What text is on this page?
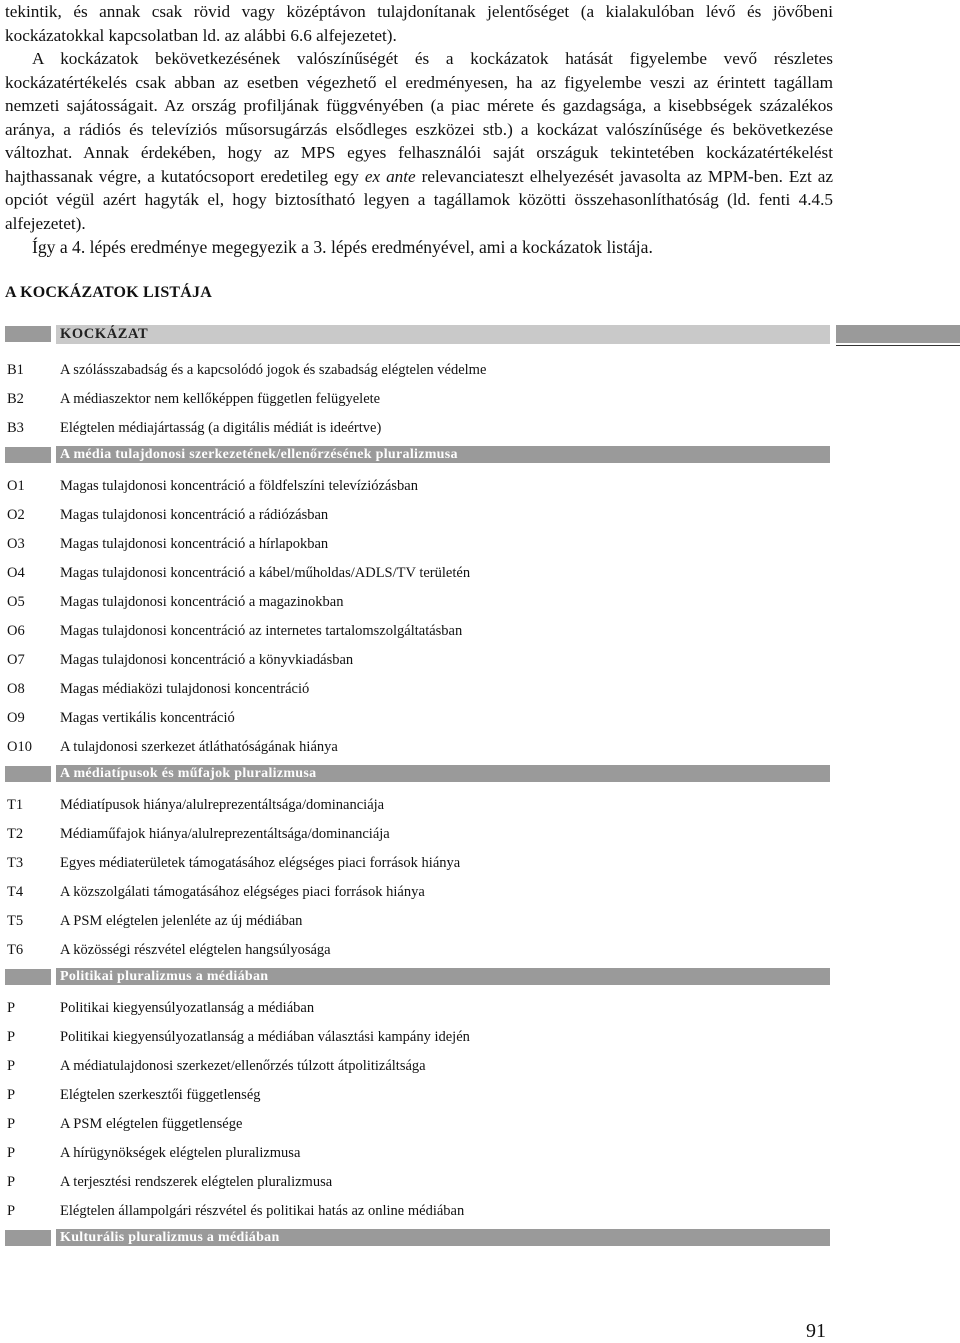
tekintik, és annak csak rövid vagy középtávon tulajdonítanak jelentőséget (a kialakulóban lévő és jövőbeni kockázatokkal kapcsolatban ld. az alábbi 6.6 alfejezetet).
A kockázatok bekövetkezésének valószínűségét és a kockázatok hatását figyelembe vevő részletes kockázatértékelés csak abban az esetben végezhető el eredményesen, ha az figyelembe veszi az érintett tagállam nemzeti sajátosságait. Az ország profiljának függvényében (a piac mérete és gazdagsága, a kisebbségek százalékos aránya, a rádiós és televíziós műsorsugárzás elsődleges eszközei stb.) a kockázat valószínűsége és bekövetkezése változhat. Annak érdekében, hogy az MPS egyes felhasználói saját országuk tekintetében kockázatértékelést hajthassanak végre, a kutatócsoport eredetileg egy ex ante relevanciateszt elhelyezését javasolta az MPM-ben. Ezt az opciót végül azért hagyták el, hogy biztosítható legyen a tagállamok közötti összehasonlíthatóság (ld. fenti 4.4.5 alfejezetet).
Így a 4. lépés eredménye megegyezik a 3. lépés eredményével, ami a kockázatok listája.
A KOCKÁZATOK LISTÁJA
KOCKÁZAT
B1 A szólásszabadság és a kapcsolódó jogok és szabadság elégtelen védelme
B2 A médiaszektor nem kellőképpen független felügyelete
B3 Elégtelen médiajártasság (a digitális médiát is ideértve)
A média tulajdonosi szerkezetének/ellenőrzésének pluralizmusa
O1 Magas tulajdonosi koncentráció a földfelszíni televíziózásban
O2 Magas tulajdonosi koncentráció a rádiózásban
O3 Magas tulajdonosi koncentráció a hírlapokban
O4 Magas tulajdonosi koncentráció a kábel/műholdas/ADLS/TV területén
O5 Magas tulajdonosi koncentráció a magazinokban
O6 Magas tulajdonosi koncentráció az internetes tartalomszolgáltatásban
O7 Magas tulajdonosi koncentráció a könyvkiadásban
O8 Magas médiaközi tulajdonosi koncentráció
O9 Magas vertikális koncentráció
O10 A tulajdonosi szerkezet átláthatóságának hiánya
A médiatípusok és műfajok pluralizmusa
T1	Médiatípusok hiánya/alulreprezentáltsága/dominanciája
T2	Médiaműfajok hiánya/alulreprezentáltsága/dominanciája
T3	Egyes médiaterületek támogatásához elégséges piaci források hiánya
T4	A közszolgálati támogatásához elégséges piaci források hiánya
T5	A PSM elégtelen jelenléte az új médiában
T6	A közösségi részvétel elégtelen hangsúlyosága
Politikai pluralizmus a médiában
P	Politikai kiegyensúlyozatlanság a médiában
P	Politikai kiegyensúlyozatlanság a médiában választási kampány idején
P	A médiatulajdonosi szerkezet/ellenőrzés túlzott átpolitizáltsága
P	Elégtelen szerkesztői függetlenség
P	A PSM elégtelen függetlensége
P	A hírügynökségek elégtelen pluralizmusa
P	A terjesztési rendszerek elégtelen pluralizmusa
P	Elégtelen állampolgári részvétel és politikai hatás az online médiában
Kulturális pluralizmus a médiában
91
